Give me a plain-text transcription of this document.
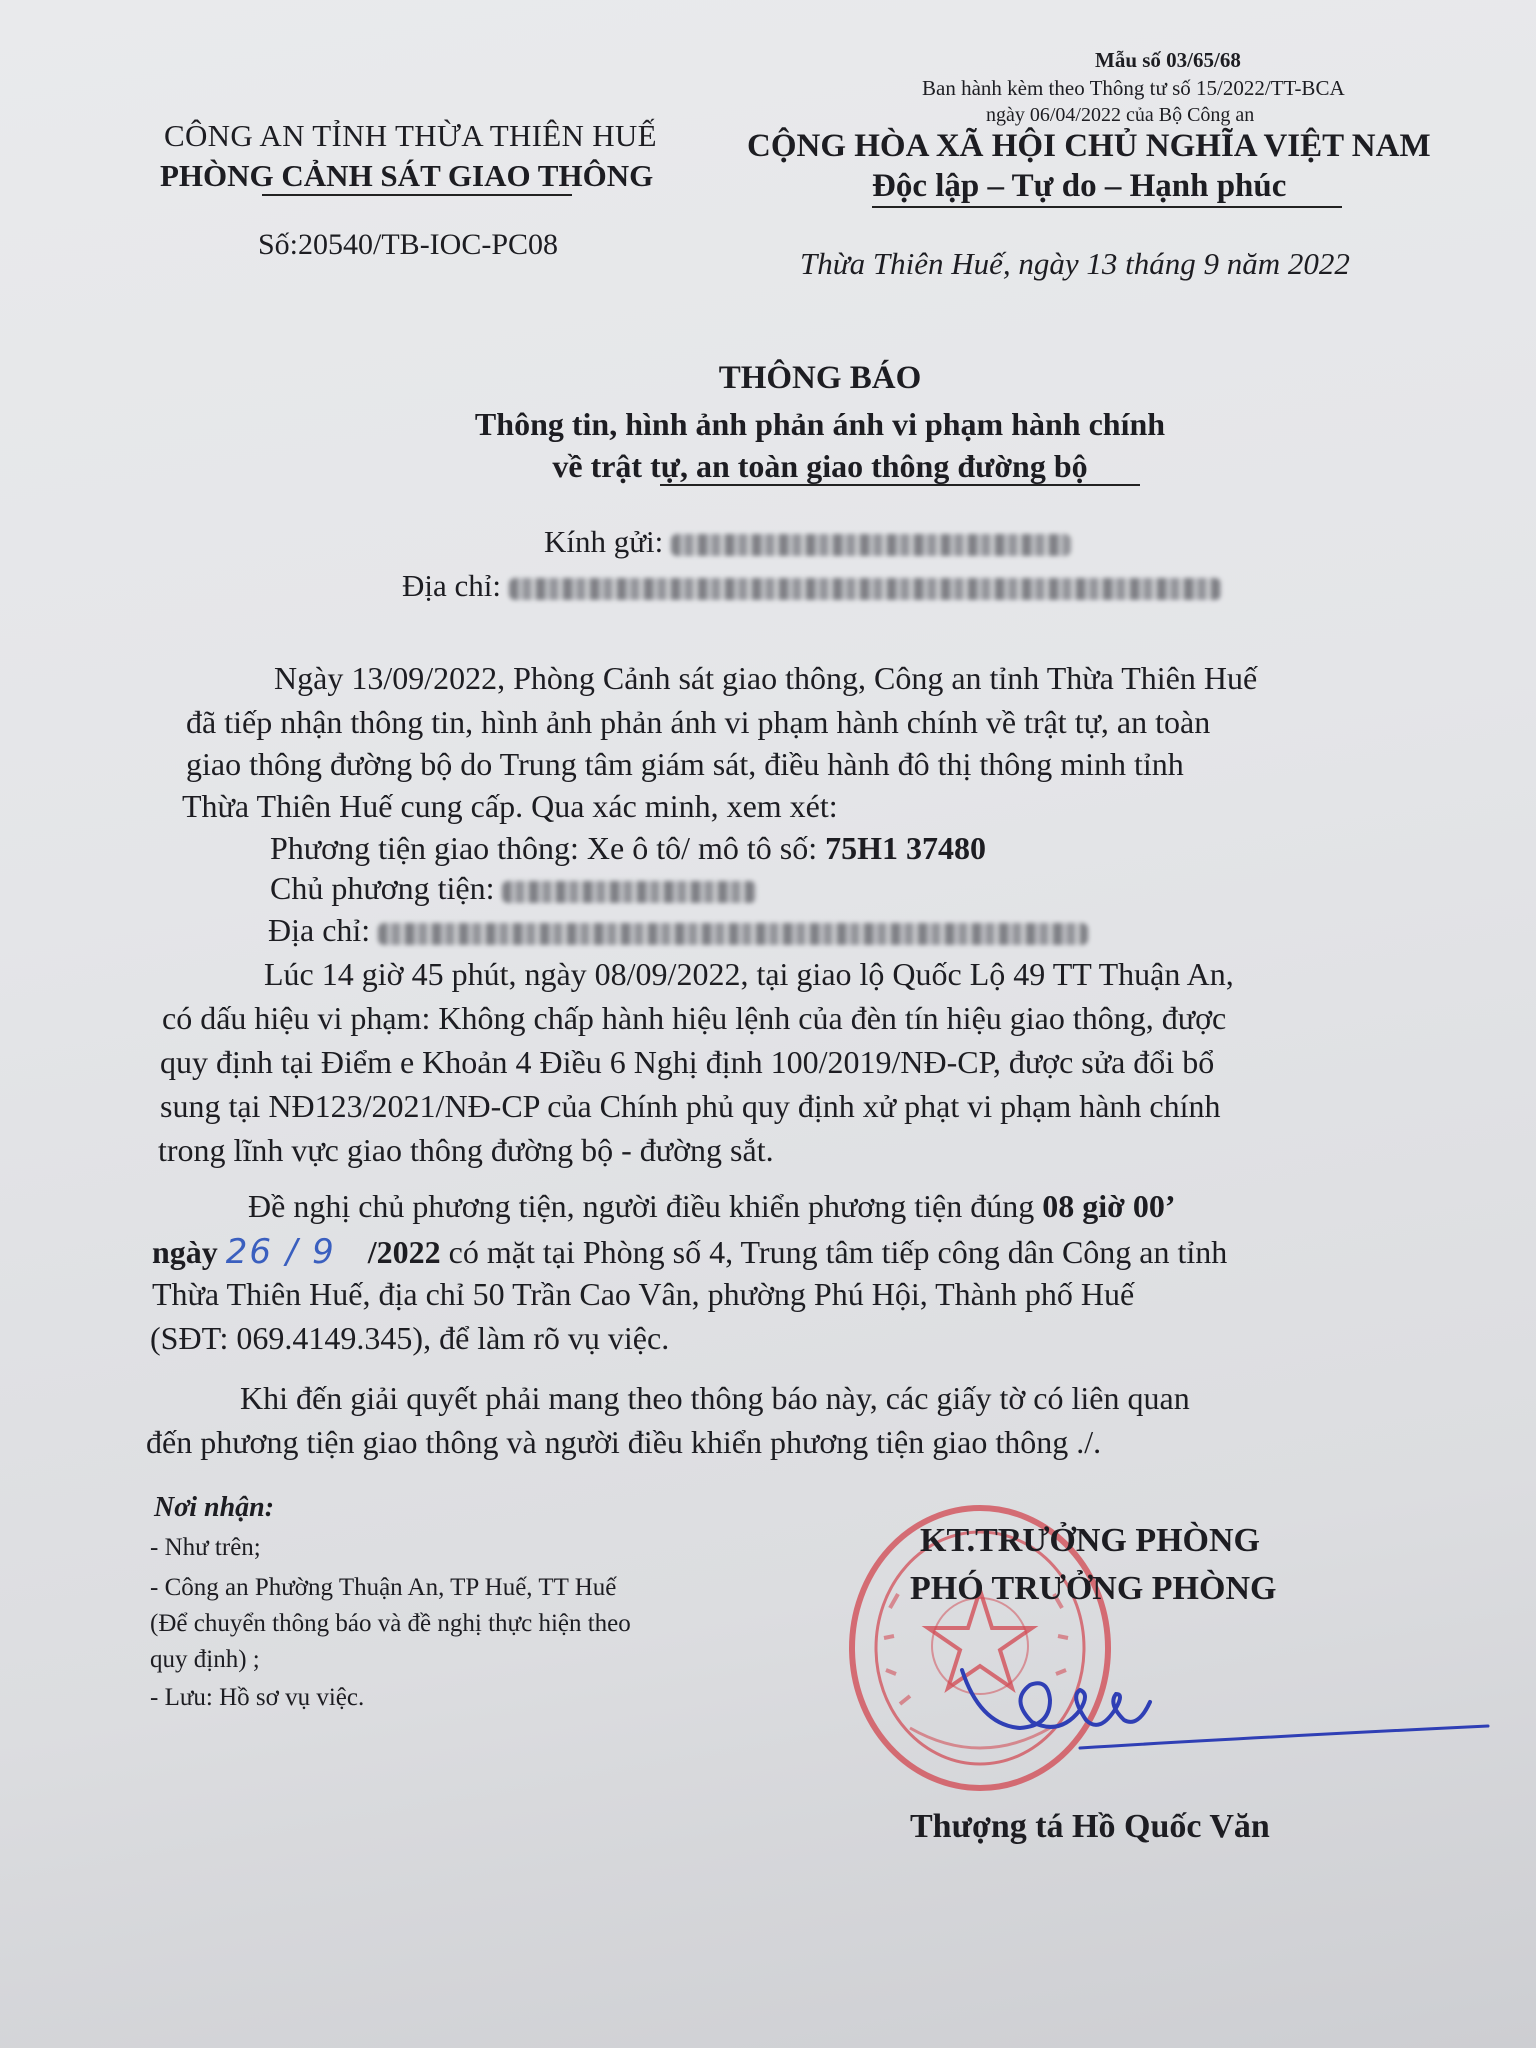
Mẫu số 03/65/68
Ban hành kèm theo Thông tư số 15/2022/TT-BCA
ngày 06/04/2022 của Bộ Công an
CÔNG AN TỈNH THỪA THIÊN HUẾ
PHÒNG CẢNH SÁT GIAO THÔNG
CỘNG HÒA XÃ HỘI CHỦ NGHĨA VIỆT NAM
Độc lập – Tự do – Hạnh phúc
Số:20540/TB-IOC-PC08
Thừa Thiên Huế, ngày 13 tháng 9 năm 2022
THÔNG BÁO
Thông tin, hình ảnh phản ánh vi phạm hành chính
về trật tự, an toàn giao thông đường bộ
Kính gửi:
Địa chỉ:
Ngày 13/09/2022, Phòng Cảnh sát giao thông, Công an tỉnh Thừa Thiên Huế
đã tiếp nhận thông tin, hình ảnh phản ánh vi phạm hành chính về trật tự, an toàn
giao thông đường bộ do Trung tâm giám sát, điều hành đô thị thông minh tỉnh
Thừa Thiên Huế cung cấp. Qua xác minh, xem xét:
Phương tiện giao thông: Xe ô tô/ mô tô số: 75H1 37480
Chủ phương tiện:
Địa chỉ:
Lúc 14 giờ 45 phút, ngày 08/09/2022, tại giao lộ Quốc Lộ 49 TT Thuận An,
có dấu hiệu vi phạm: Không chấp hành hiệu lệnh của đèn tín hiệu giao thông, được
quy định tại Điểm e Khoản 4 Điều 6 Nghị định 100/2019/NĐ-CP, được sửa đổi bổ
sung tại NĐ123/2021/NĐ-CP của Chính phủ quy định xử phạt vi phạm hành chính
trong lĩnh vực giao thông đường bộ - đường sắt.
Đề nghị chủ phương tiện, người điều khiển phương tiện đúng 08 giờ 00’
ngày 26 / 9 /2022 có mặt tại Phòng số 4, Trung tâm tiếp công dân Công an tỉnh
Thừa Thiên Huế, địa chỉ 50 Trần Cao Vân, phường Phú Hội, Thành phố Huế
(SĐT: 069.4149.345), để làm rõ vụ việc.
Khi đến giải quyết phải mang theo thông báo này, các giấy tờ có liên quan
đến phương tiện giao thông và người điều khiển phương tiện giao thông ./.
Nơi nhận:
- Như trên;
- Công an Phường Thuận An, TP Huế, TT Huế
(Để chuyển thông báo và đề nghị thực hiện theo
quy định) ;
- Lưu: Hồ sơ vụ việc.
KT.TRƯỞNG PHÒNG
PHÓ TRƯỞNG PHÒNG
Thượng tá Hồ Quốc Văn
